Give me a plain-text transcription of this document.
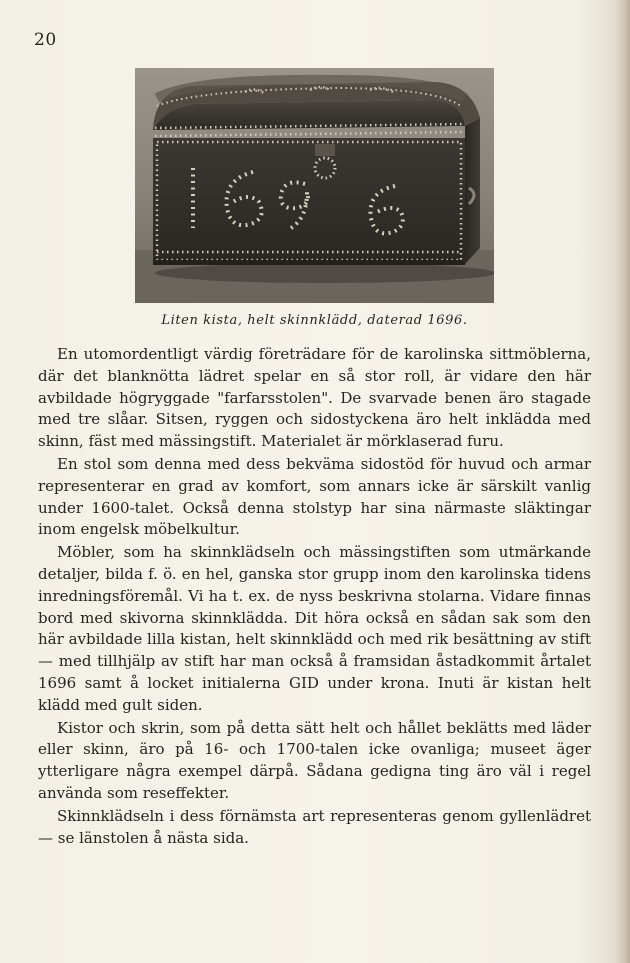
20
Liten kista, helt skinnklädd, daterad 1696.

En utomordentligt värdig företrädare för de karolinska sittmöblerna, där det blanknötta lädret spelar en så stor roll, är vidare den här avbildade högryggade "farfarsstolen". De svarvade benen äro stagade med tre slåar. Sitsen, ryggen och sidostyckena äro helt inklädda med skinn, fäst med mässingstift. Materialet är mörklaserad furu.

En stol som denna med dess bekväma sidostöd för huvud och armar representerar en grad av komfort, som annars icke är särskilt vanlig under 1600-talet. Också denna stolstyp har sina närmaste släktingar inom engelsk möbelkultur.

Möbler, som ha skinnklädseln och mässingstiften som utmärkande detaljer, bilda f. ö. en hel, ganska stor grupp inom den karolinska tidens inredningsföremål. Vi ha t. ex. de nyss beskrivna stolarna. Vidare finnas bord med skivorna skinnklädda. Dit höra också en sådan sak som den här avbildade lilla kistan, helt skinnklädd och med rik besättning av stift — med tillhjälp av stift har man också å framsidan åstadkommit årtalet 1696 samt å locket initialerna GID under krona. Inuti är kistan helt klädd med gult siden.

Kistor och skrin, som på detta sätt helt och hållet beklätts med läder eller skinn, äro på 16- och 1700-talen icke ovanliga; museet äger ytterligare några exempel därpå. Sådana gedigna ting äro väl i regel använda som reseffekter.

Skinnklädseln i dess förnämsta art representeras genom gyllenlädret — se länstolen å nästa sida.
